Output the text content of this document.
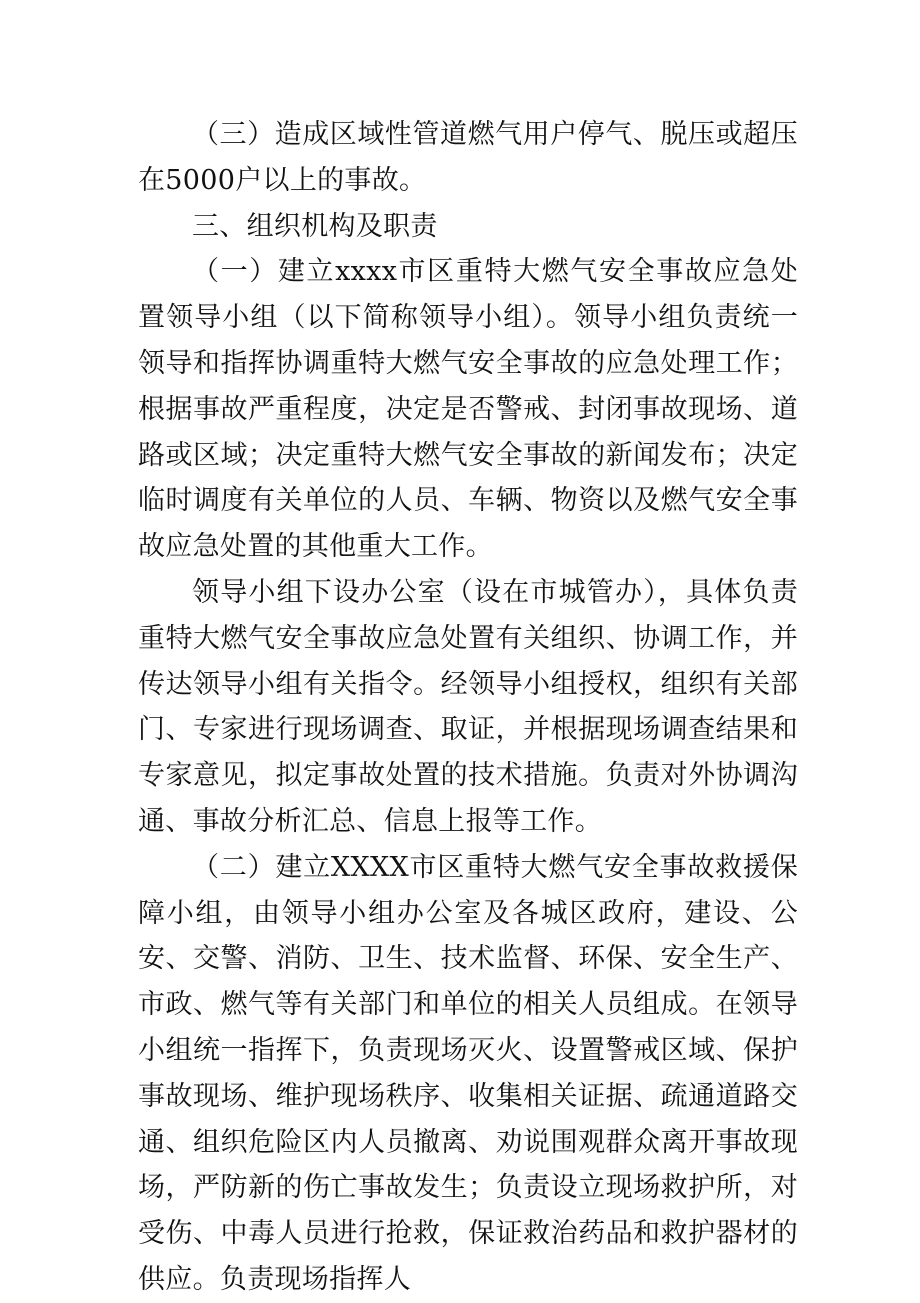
（三）造成区域性管道燃气用户停气、脱压或超压在5000户以上的事故。

三、组织机构及职责

（一）建立xxxx市区重特大燃气安全事故应急处置领导小组（以下简称领导小组）。领导小组负责统一领导和指挥协调重特大燃气安全事故的应急处理工作；根据事故严重程度，决定是否警戒、封闭事故现场、道路或区域；决定重特大燃气安全事故的新闻发布；决定临时调度有关单位的人员、车辆、物资以及燃气安全事故应急处置的其他重大工作。

领导小组下设办公室（设在市城管办），具体负责重特大燃气安全事故应急处置有关组织、协调工作，并传达领导小组有关指令。经领导小组授权，组织有关部门、专家进行现场调查、取证，并根据现场调查结果和专家意见，拟定事故处置的技术措施。负责对外协调沟通、事故分析汇总、信息上报等工作。

（二）建立XXXX市区重特大燃气安全事故救援保障小组，由领导小组办公室及各城区政府，建设、公安、交警、消防、卫生、技术监督、环保、安全生产、市政、燃气等有关部门和单位的相关人员组成。在领导小组统一指挥下，负责现场灭火、设置警戒区域、保护事故现场、维护现场秩序、收集相关证据、疏通道路交通、组织危险区内人员撤离、劝说围观群众离开事故现场，严防新的伤亡事故发生；负责设立现场救护所，对受伤、中毒人员进行抢救，保证救治药品和救护器材的供应。负责现场指挥人
